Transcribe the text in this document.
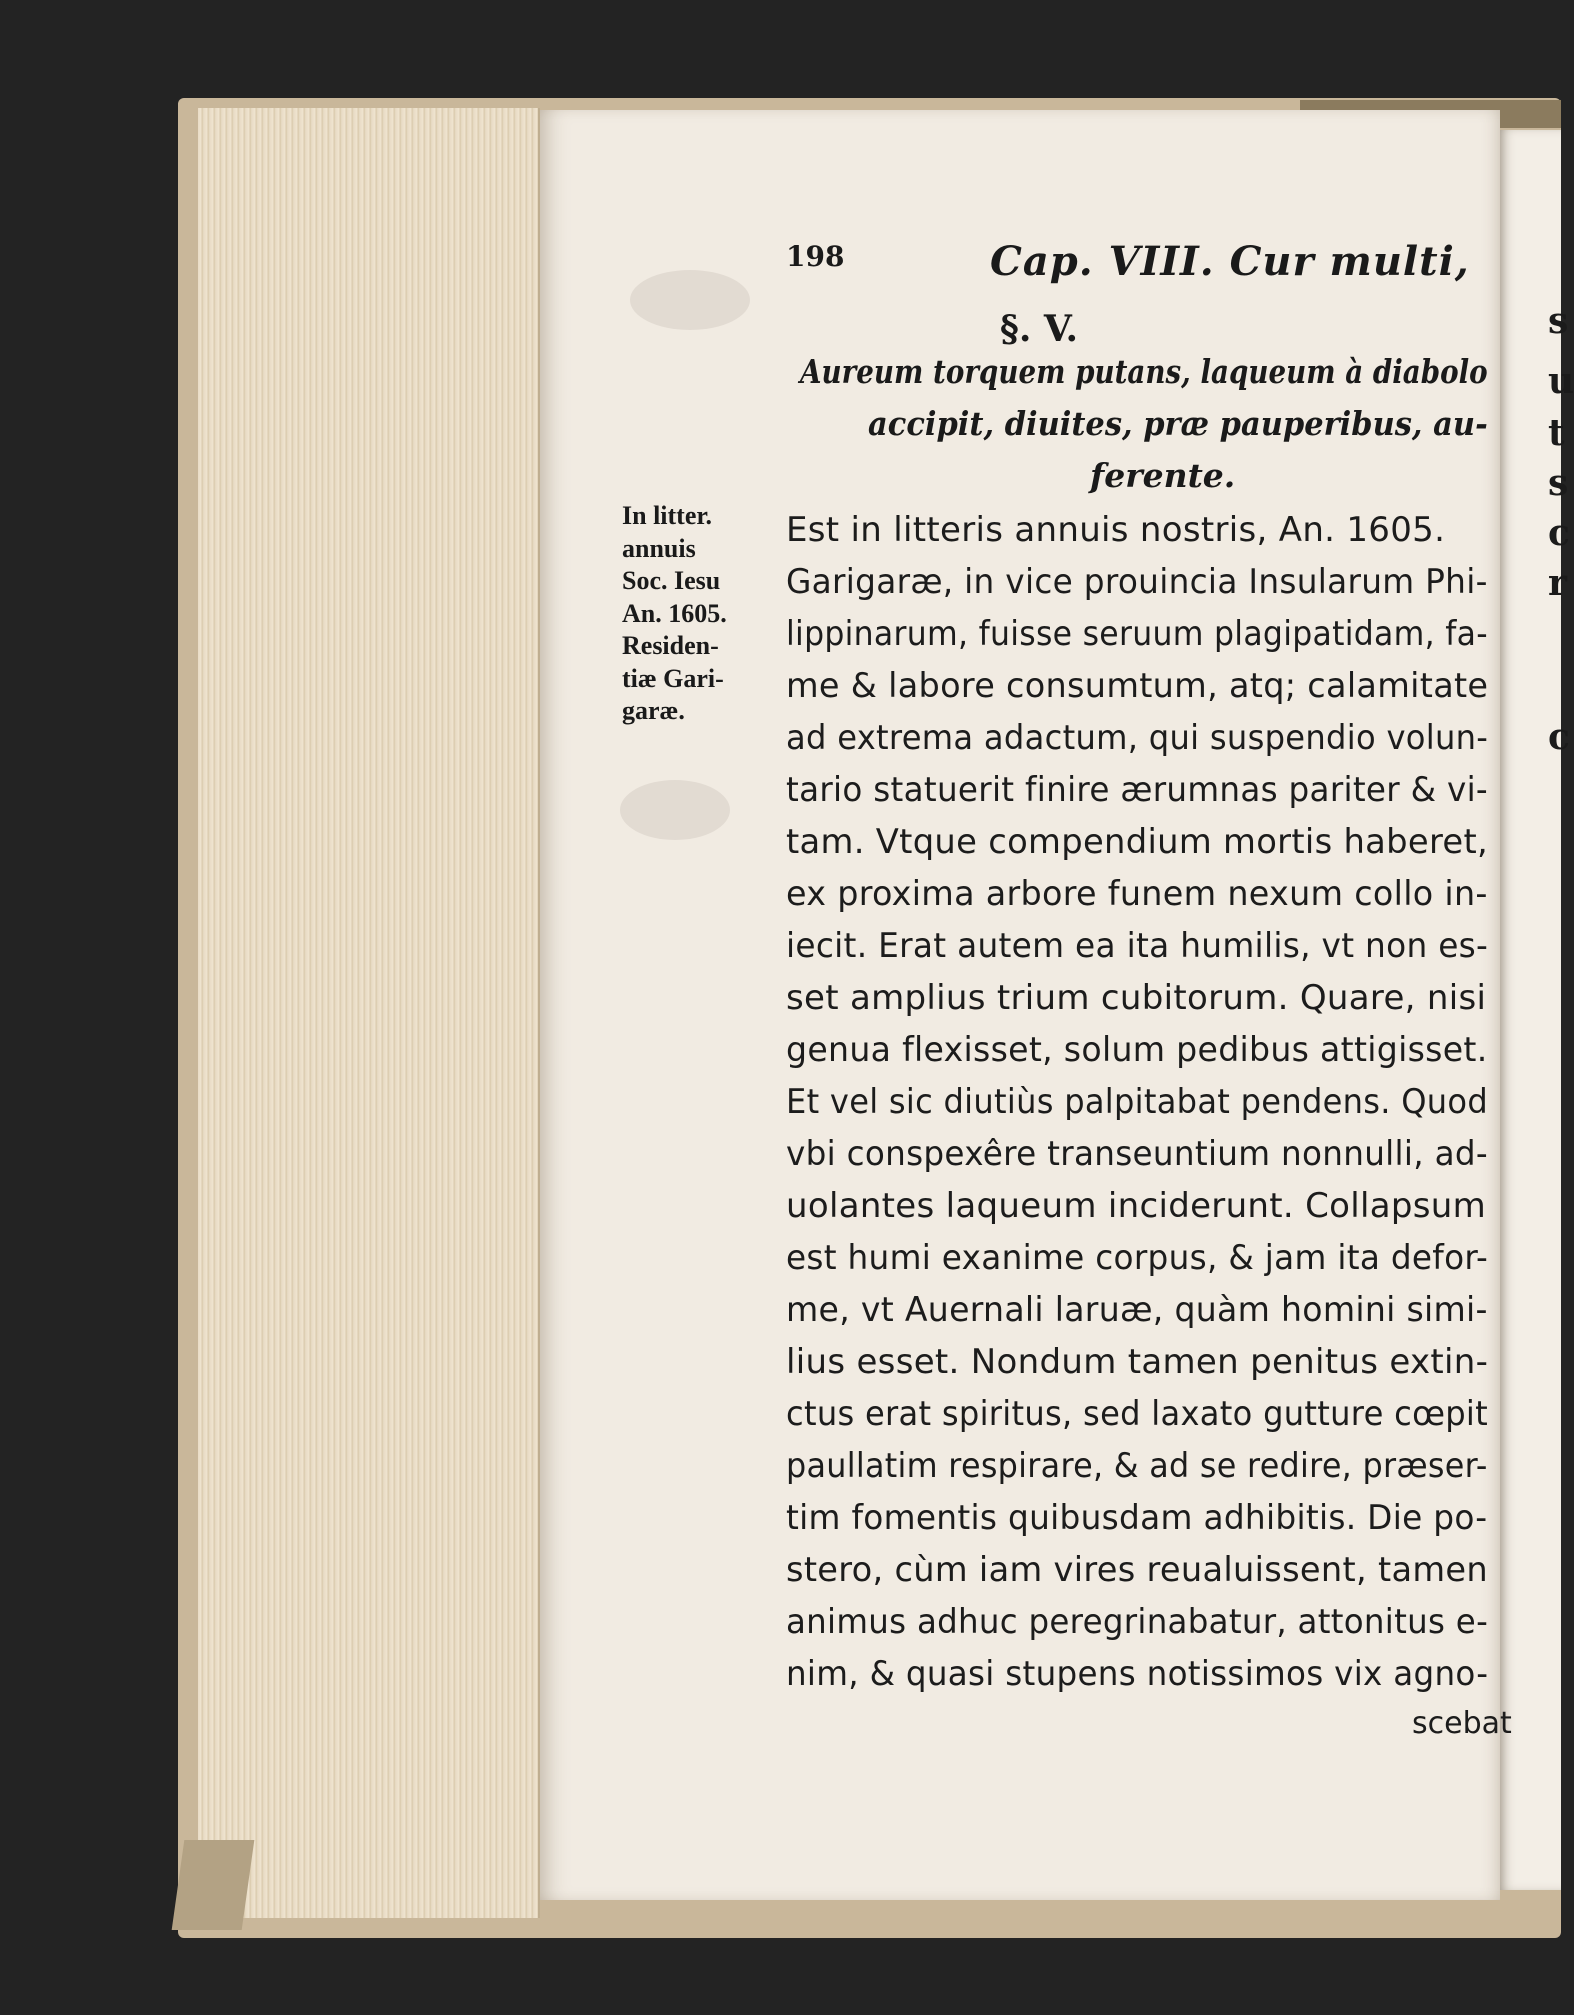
s
u
t
s
c
r
c
198	Cap. VIII. Cur multi,
§. V.
Aureum torquem putans, laqueum à diabolo
accipit, diuites, præ pauperibus, au-
ferente.
In litter.
annuis
Soc. Iesu
An. 1605.
Residen-
tiæ Gari-
garæ.
Est in litteris annuis nostris, An. 1605.
Garigaræ, in vice prouincia Insularum Phi-
lippinarum, fuisse seruum plagipatidam, fa-
me & labore consumtum, atq; calamitate
ad extrema adactum, qui suspendio volun-
tario statuerit finire ærumnas pariter & vi-
tam. Vtque compendium mortis haberet,
ex proxima arbore funem nexum collo in-
iecit. Erat autem ea ita humilis, vt non es-
set amplius trium cubitorum. Quare, nisi
genua flexisset, solum pedibus attigisset.
Et vel sic diutiùs palpitabat pendens. Quod
vbi conspexêre transeuntium nonnulli, ad-
uolantes laqueum inciderunt. Collapsum
est humi exanime corpus, & jam ita defor-
me, vt Auernali laruæ, quàm homini simi-
lius esset. Nondum tamen penitus extin-
ctus erat spiritus, sed laxato gutture cœpit
paullatim respirare, & ad se redire, præser-
tim fomentis quibusdam adhibitis. Die po-
stero, cùm iam vires reualuissent, tamen
animus adhuc peregrinabatur, attonitus e-
nim, & quasi stupens notissimos vix agno-
scebat
